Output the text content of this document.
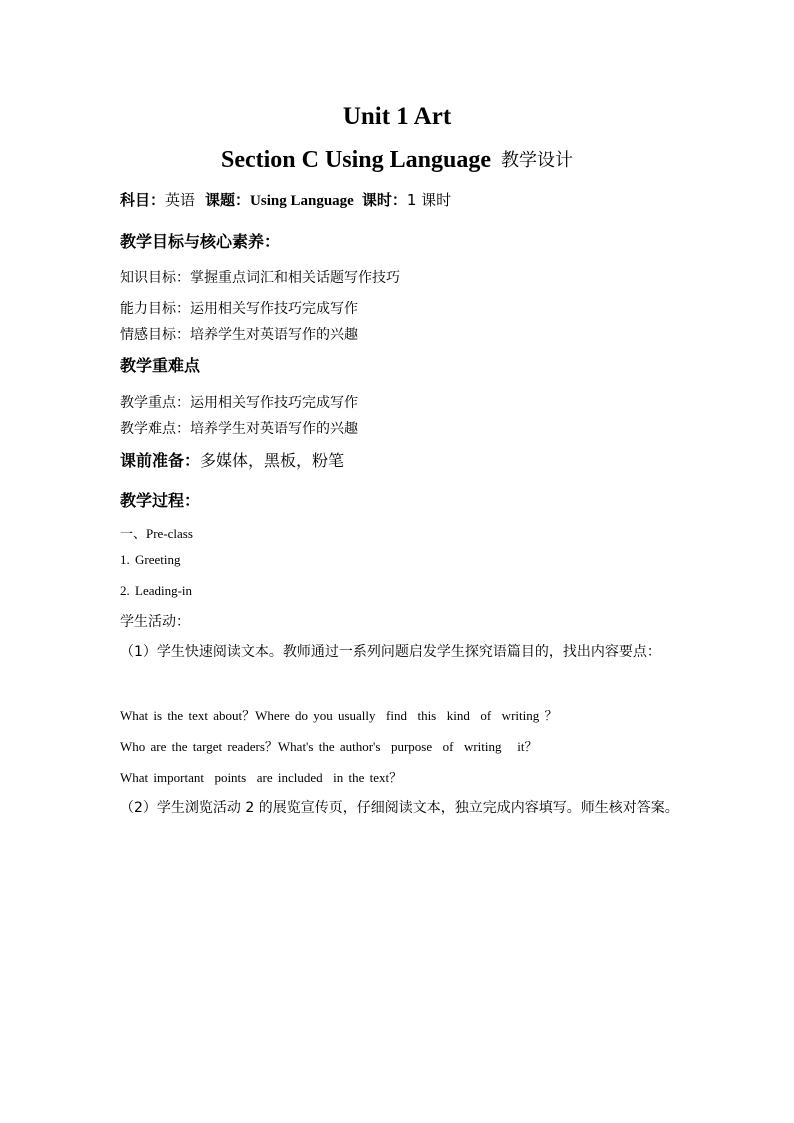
Unit 1 Art
Section C Using Language 教学设计

科目：英语 课题：Using Language 课时：1 课时

教学目标与核心素养：

知识目标：掌握重点词汇和相关话题写作技巧

能力目标：运用相关写作技巧完成写作

情感目标：培养学生对英语写作的兴趣

教学重难点

教学重点：运用相关写作技巧完成写作

教学难点：培养学生对英语写作的兴趣

课前准备：多媒体，黑板，粉笔

教学过程：

一、Pre-class

1. Greeting

2. Leading-in

学生活动：

（1）学生快速阅读文本。教师通过一系列问题启发学生探究语篇目的，找出内容要点：

What is the text about？Where do you usually  find  this  kind  of  writing ？

Who are the target readers？What's the author's  purpose  of  writing   it？

What important  points  are included  in the text？

（2）学生浏览活动 2 的展览宣传页，仔细阅读文本，独立完成内容填写。师生核对答案。
